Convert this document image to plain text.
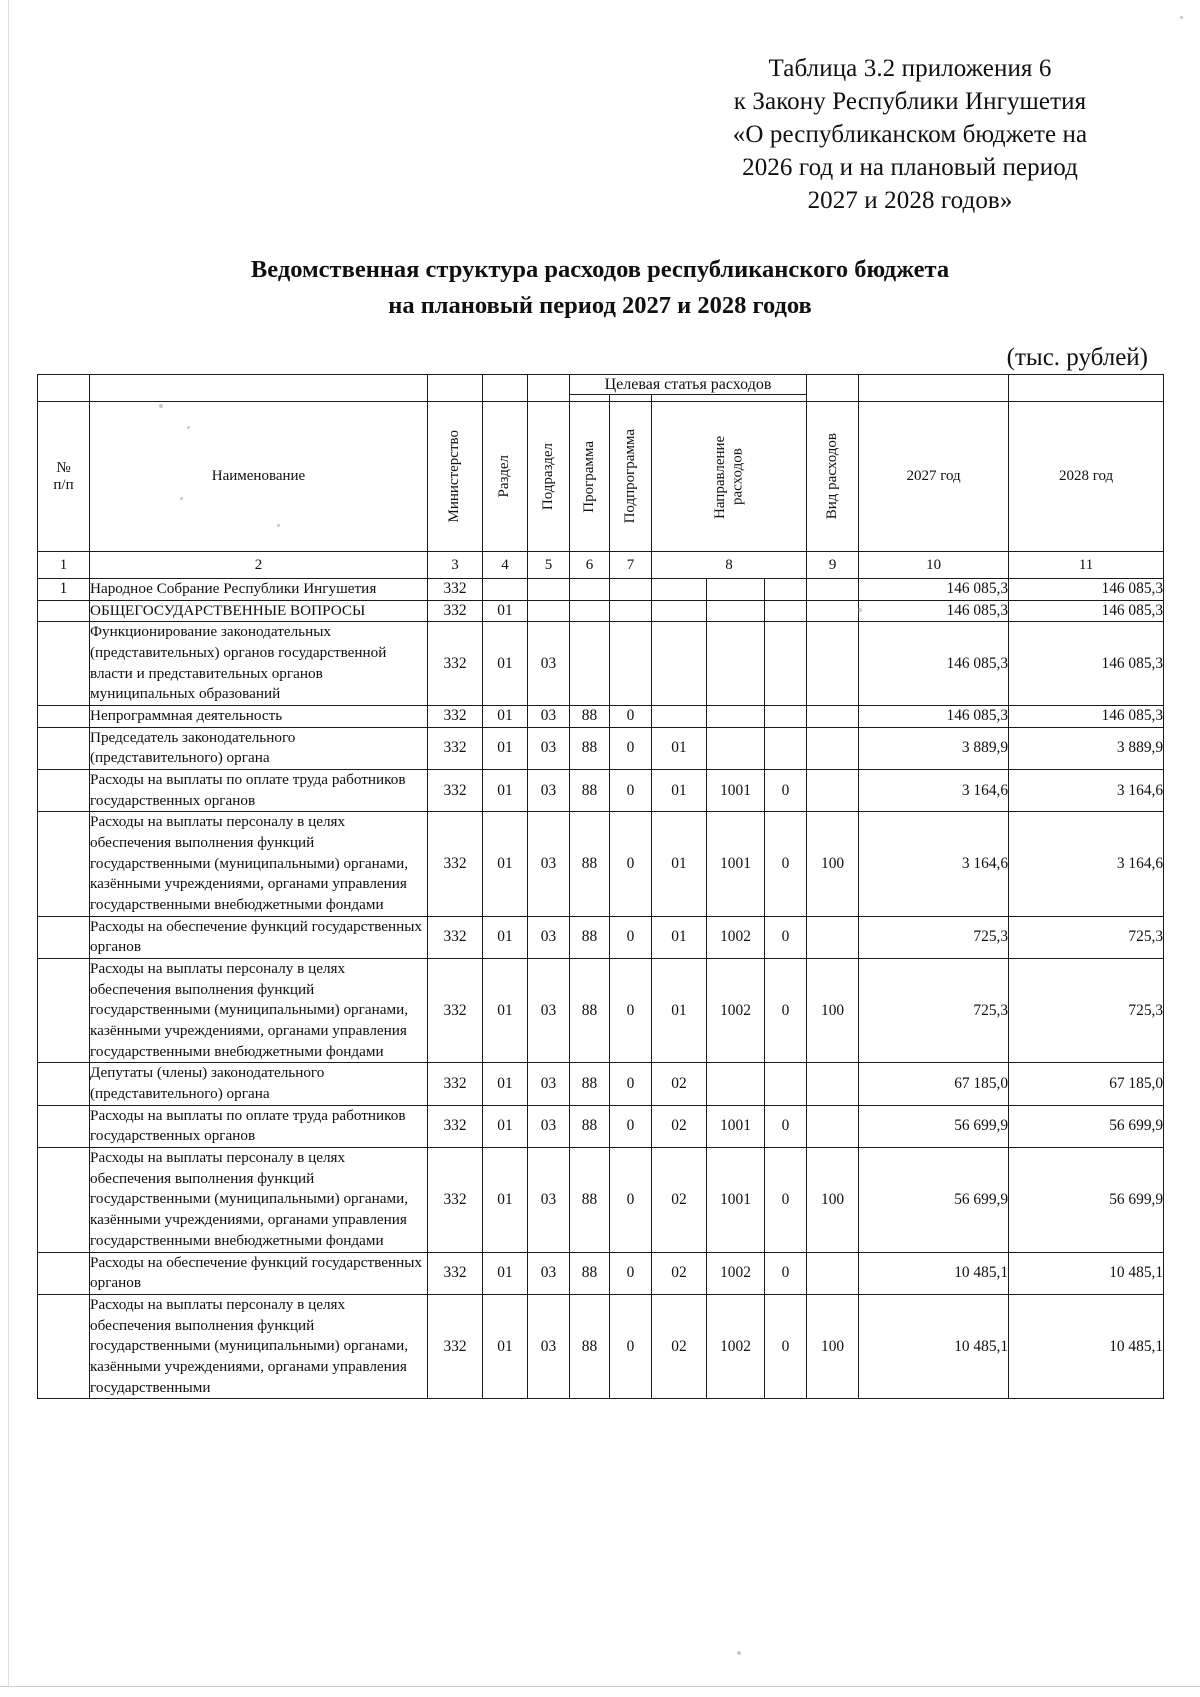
Таблица 3.2 приложения 6
к Закону Республики Ингушетия
«О республиканском бюджете на
2026 год и на плановый период
2027 и 2028 годов»
Ведомственная структура расходов республиканского бюджета
на плановый период 2027 и 2028 годов
(тыс. рублей)
					Целевая статья расходов							

№
п/п	Наименование	Министерство	Раздел	Подраздел	Программа	Подпрограмма	Направление расходов			Вид расходов	2027 год	2028 год
1	2	3	4	5	6	7	8			9	10	11
1	Народное Собрание Республики Ингушетия	332									146 085,3	146 085,3
	ОБЩЕГОСУДАРСТВЕННЫЕ ВОПРОСЫ	332	01								146 085,3	146 085,3
	Функционирование законодательных (представительных) органов государственной власти и представительных органов муниципальных образований	332	01	03							146 085,3	146 085,3
	Непрограммная деятельность	332	01	03	88	0					146 085,3	146 085,3
	Председатель законодательного (представительного) органа	332	01	03	88	0	01				3 889,9	3 889,9
	Расходы на выплаты по оплате труда работников государственных органов	332	01	03	88	0	01	1001	0		3 164,6	3 164,6
	Расходы на выплаты персоналу в целях обеспечения выполнения функций государственными (муниципальными) органами, казёнными учреждениями, органами управления государственными внебюджетными фондами	332	01	03	88	0	01	1001	0	100	3 164,6	3 164,6
	Расходы на обеспечение функций государственных органов	332	01	03	88	0	01	1002	0		725,3	725,3
	Расходы на выплаты персоналу в целях обеспечения выполнения функций государственными (муниципальными) органами, казёнными учреждениями, органами управления государственными внебюджетными фондами	332	01	03	88	0	01	1002	0	100	725,3	725,3
	Депутаты (члены) законодательного (представительного) органа	332	01	03	88	0	02				67 185,0	67 185,0
	Расходы на выплаты по оплате труда работников государственных органов	332	01	03	88	0	02	1001	0		56 699,9	56 699,9
	Расходы на выплаты персоналу в целях обеспечения выполнения функций государственными (муниципальными) органами, казёнными учреждениями, органами управления государственными внебюджетными фондами	332	01	03	88	0	02	1001	0	100	56 699,9	56 699,9
	Расходы на обеспечение функций государственных органов	332	01	03	88	0	02	1002	0		10 485,1	10 485,1
	Расходы на выплаты персоналу в целях обеспечения выполнения функций государственными (муниципальными) органами, казёнными учреждениями, органами управления государственными	332	01	03	88	0	02	1002	0	100	10 485,1	10 485,1
